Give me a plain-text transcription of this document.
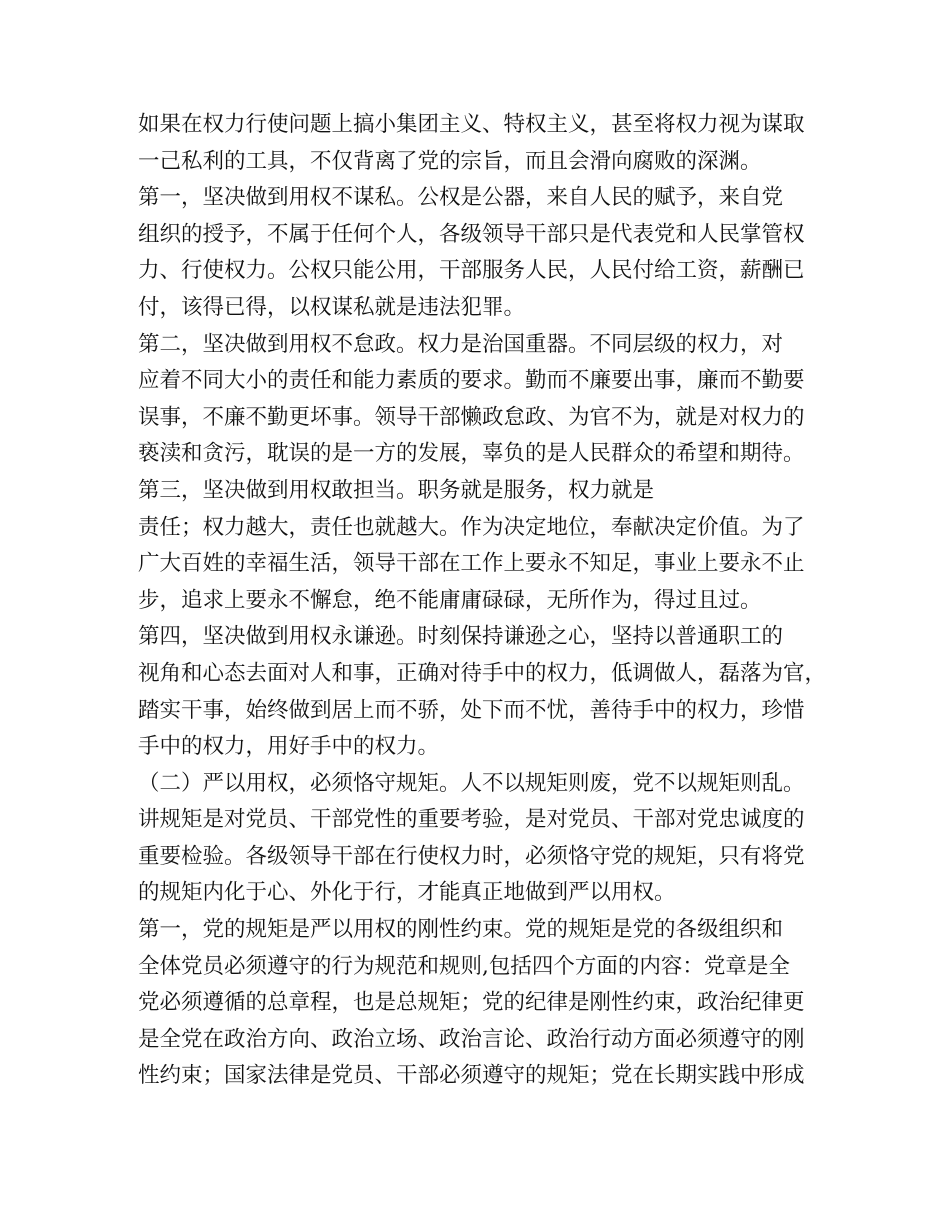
如果在权力行使问题上搞小集团主义、特权主义，甚至将权力视为谋取
一己私利的工具，不仅背离了党的宗旨，而且会滑向腐败的深渊。
第一，坚决做到用权不谋私。公权是公器，来自人民的赋予，来自党
组织的授予，不属于任何个人，各级领导干部只是代表党和人民掌管权
力、行使权力。公权只能公用，干部服务人民，人民付给工资，薪酬已
付，该得已得，以权谋私就是违法犯罪。
第二，坚决做到用权不怠政。权力是治国重器。不同层级的权力，对
应着不同大小的责任和能力素质的要求。勤而不廉要出事，廉而不勤要
误事，不廉不勤更坏事。领导干部懒政怠政、为官不为，就是对权力的
亵渎和贪污，耽误的是一方的发展，辜负的是人民群众的希望和期待。
第三，坚决做到用权敢担当。职务就是服务，权力就是
责任；权力越大，责任也就越大。作为决定地位，奉献决定价值。为了
广大百姓的幸福生活，领导干部在工作上要永不知足，事业上要永不止
步，追求上要永不懈怠，绝不能庸庸碌碌，无所作为，得过且过。
第四，坚决做到用权永谦逊。时刻保持谦逊之心，坚持以普通职工的
视角和心态去面对人和事，正确对待手中的权力，低调做人，磊落为官，
踏实干事，始终做到居上而不骄，处下而不忧，善待手中的权力，珍惜
手中的权力，用好手中的权力。
（二）严以用权，必须恪守规矩。人不以规矩则废，党不以规矩则乱。
讲规矩是对党员、干部党性的重要考验，是对党员、干部对党忠诚度的
重要检验。各级领导干部在行使权力时，必须恪守党的规矩，只有将党
的规矩内化于心、外化于行，才能真正地做到严以用权。
第一，党的规矩是严以用权的刚性约束。党的规矩是党的各级组织和
全体党员必须遵守的行为规范和规则,包括四个方面的内容：党章是全
党必须遵循的总章程，也是总规矩；党的纪律是刚性约束，政治纪律更
是全党在政治方向、政治立场、政治言论、政治行动方面必须遵守的刚
性约束；国家法律是党员、干部必须遵守的规矩；党在长期实践中形成
